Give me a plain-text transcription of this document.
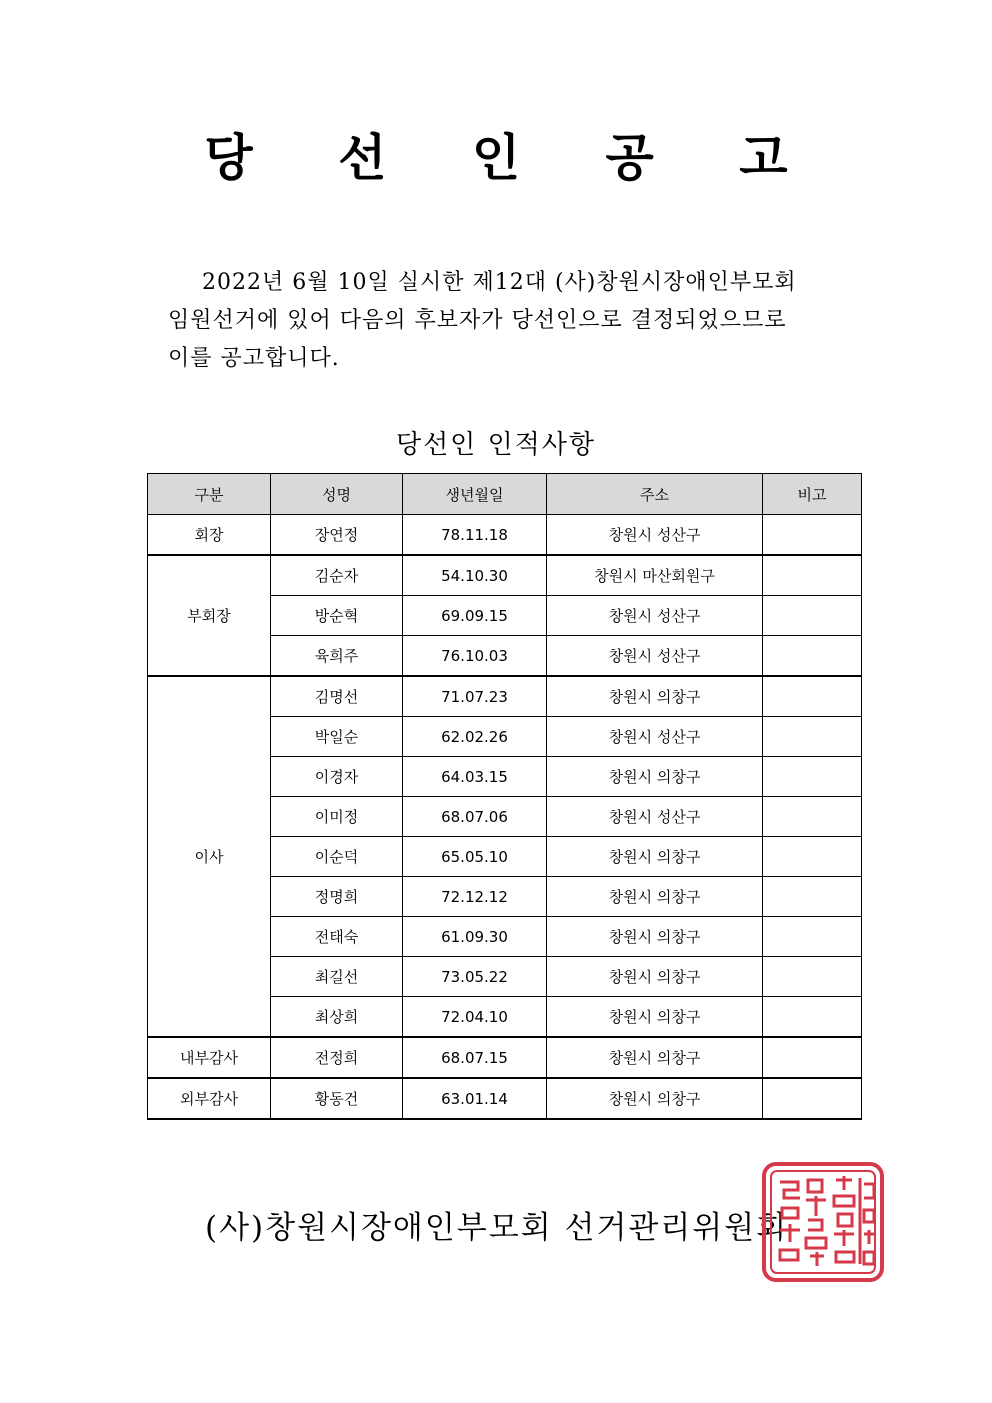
당 선 인 공 고
2022년 6월 10일 실시한 제12대 (사)창원시장애인부모회
임원선거에 있어 다음의 후보자가 당선인으로 결정되었으므로
이를 공고합니다.
당선인 인적사항
구분	성명	생년월일	주소	비고
회장	장연정	78.11.18	창원시 성산구	
부회장	김순자	54.10.30	창원시 마산회원구	
	방순혁	69.09.15	창원시 성산구	
	육희주	76.10.03	창원시 성산구	
이사	김명선	71.07.23	창원시 의창구	
	박일순	62.02.26	창원시 성산구	
	이경자	64.03.15	창원시 의창구	
	이미정	68.07.06	창원시 성산구	
	이순덕	65.05.10	창원시 의창구	
	정명희	72.12.12	창원시 의창구	
	전태숙	61.09.30	창원시 의창구	
	최길선	73.05.22	창원시 의창구	
	최상희	72.04.10	창원시 의창구	
내부감사	전정희	68.07.15	창원시 의창구	
외부감사	황동건	63.01.14	창원시 의창구	
(사)창원시장애인부모회 선거관리위원회
